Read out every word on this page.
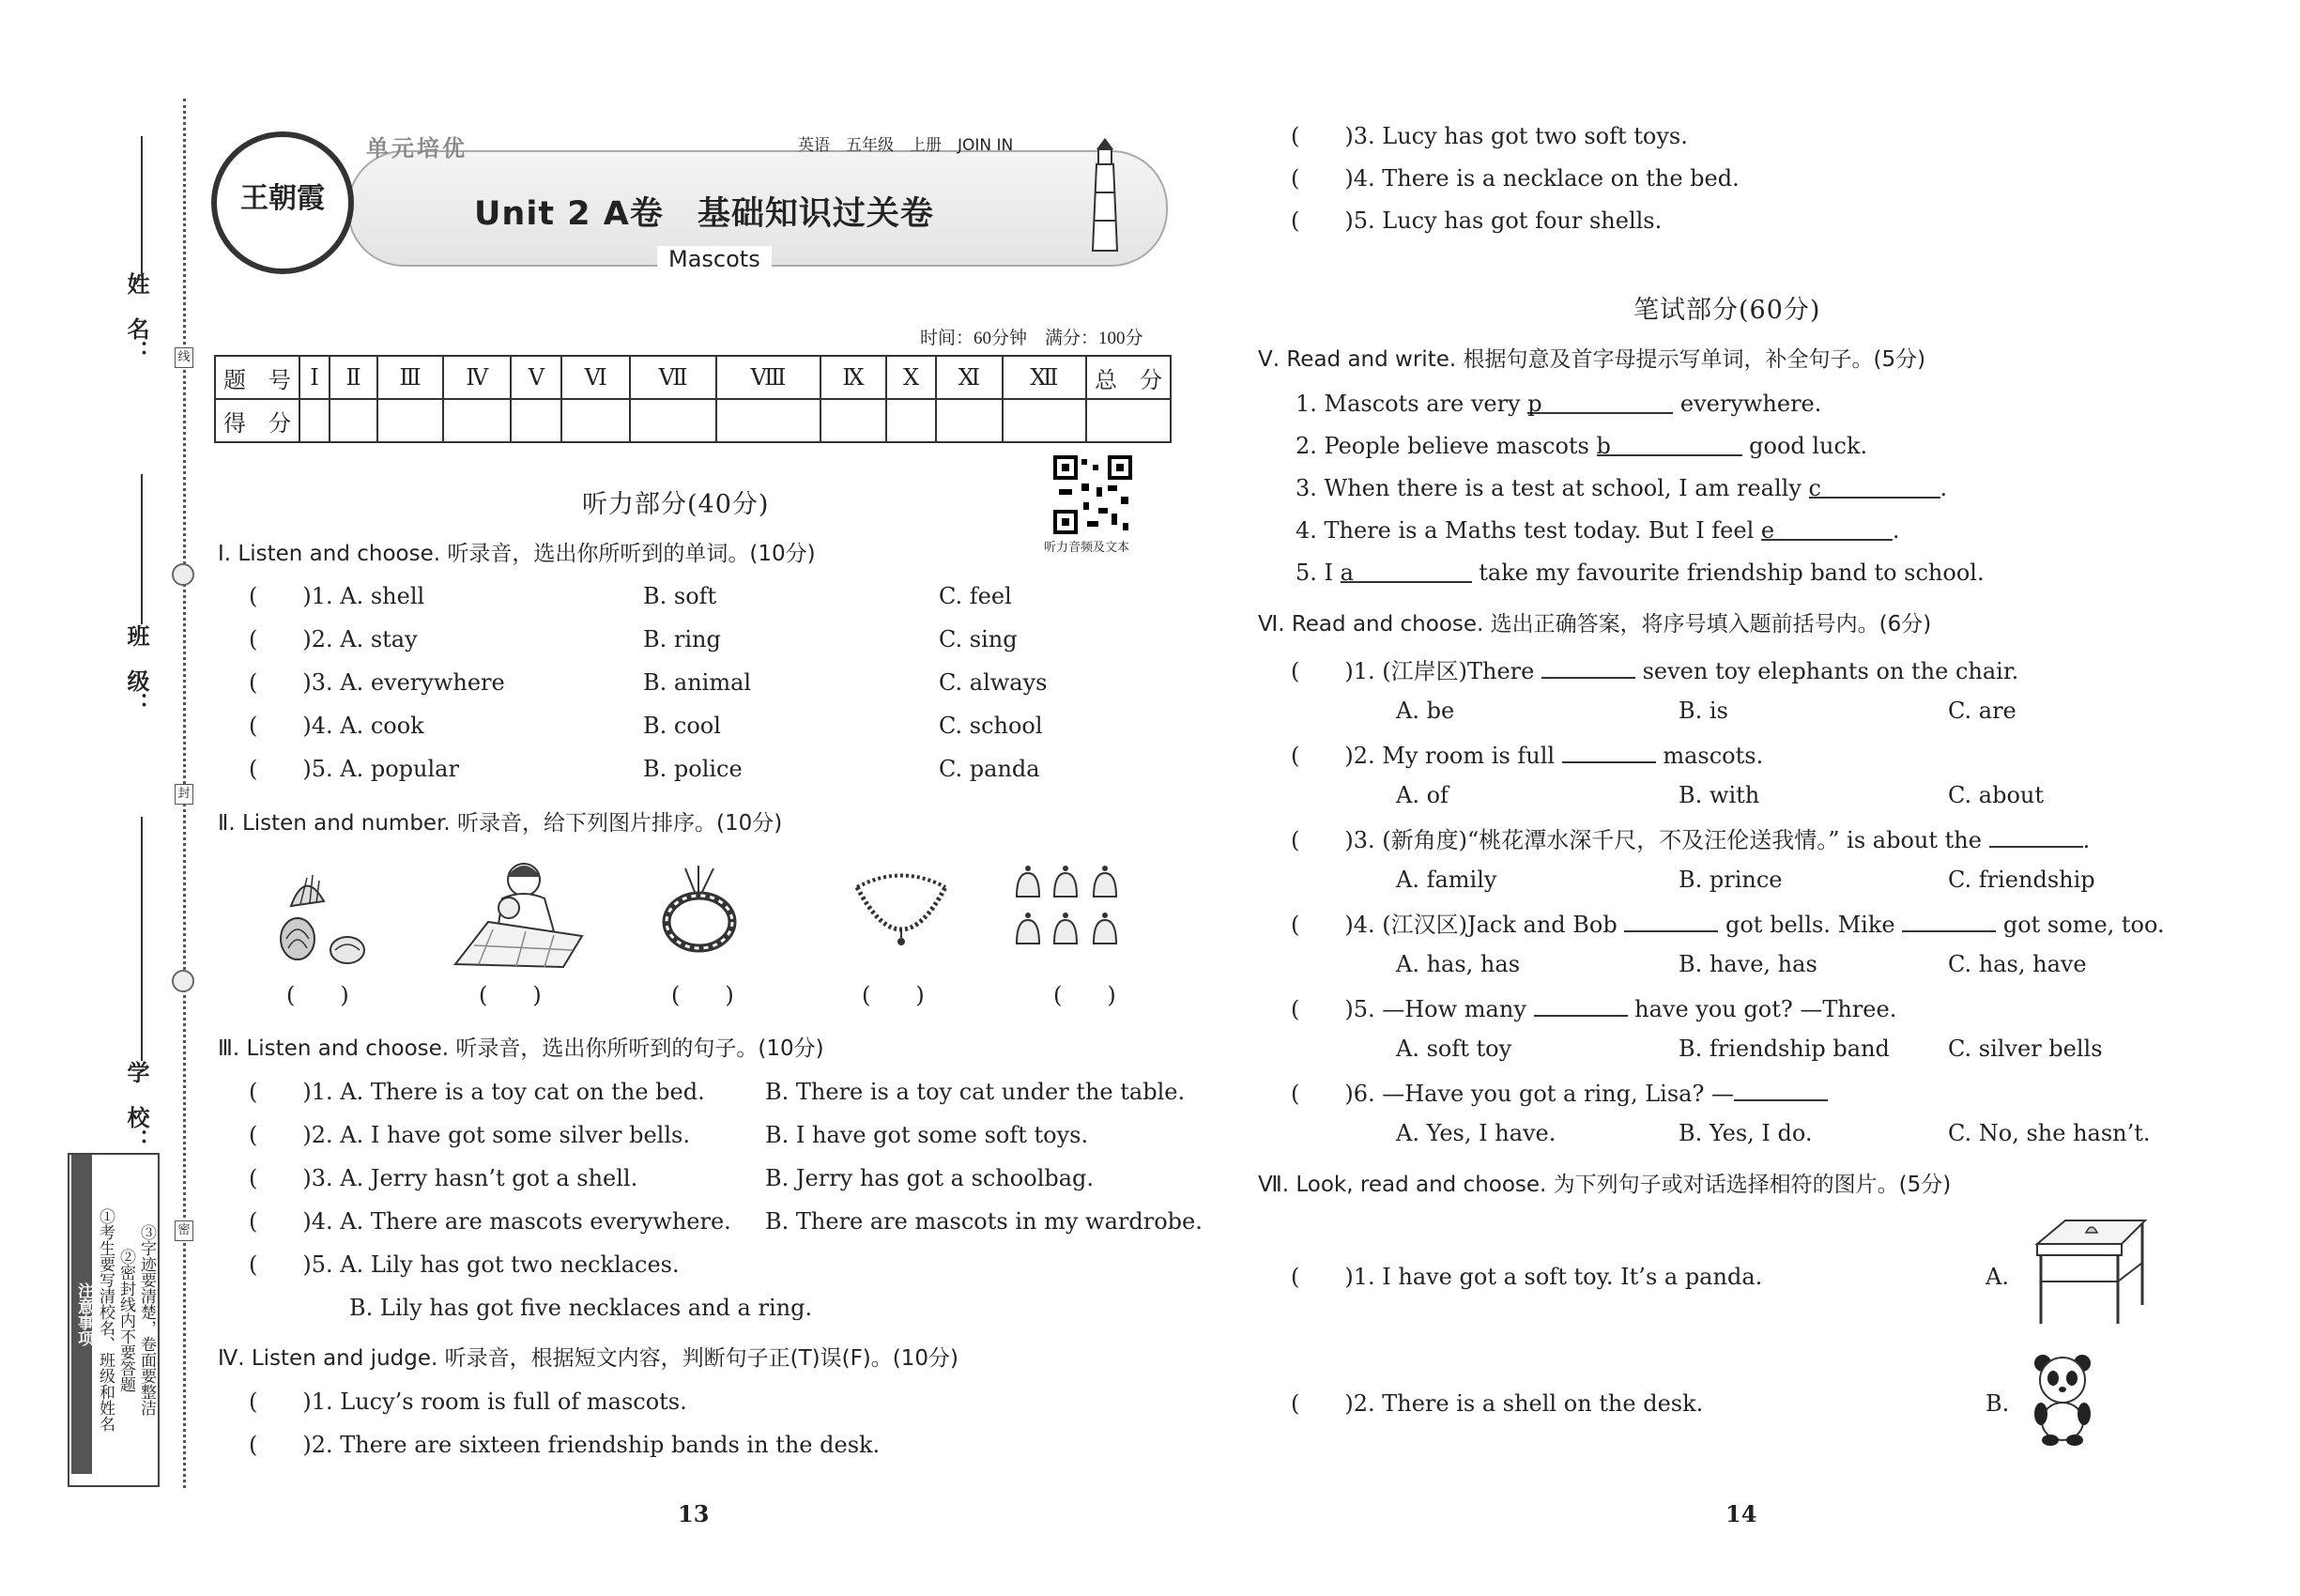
线
封
密
姓　名：
班　级：
学　校：
注意事项 ①考生要写清校名、班级和姓名 ②密封线内不要答题 ③字迹要清楚，卷面要整洁
王朝霞
单元培优	英语　五年级　上册　JOIN IN
Unit 2 A卷　基础知识过关卷
Mascots
时间：60分钟　满分：100分
题　号	Ⅰ	Ⅱ	Ⅲ	Ⅳ	Ⅴ	Ⅵ	Ⅶ	Ⅷ	Ⅸ	Ⅹ	Ⅺ	Ⅻ	总　分
得　分													
听力部分(40分)
听力音频及文本
Ⅰ. Listen and choose. 听录音，选出你所听到的单词。(10分)
(　　)1. A. shell	B. soft	C. feel
(　　)2. A. stay	B. ring	C. sing
(　　)3. A. everywhere	B. animal	C. always
(　　)4. A. cook	B. cool	C. school
(　　)5. A. popular	B. police	C. panda
Ⅱ. Listen and number. 听录音，给下列图片排序。(10分)
(　　)	(　　)	(　　)	(　　)	(　　)
Ⅲ. Listen and choose. 听录音，选出你所听到的句子。(10分)
(　　)1. A. There is a toy cat on the bed.	B. There is a toy cat under the table.
(　　)2. A. I have got some silver bells.	B. I have got some soft toys.
(　　)3. A. Jerry hasn’t got a shell.	B. Jerry has got a schoolbag.
(　　)4. A. There are mascots everywhere. B. There are mascots in my wardrobe.
(　　)5. A. Lily has got two necklaces.
B. Lily has got five necklaces and a ring.
Ⅳ. Listen and judge. 听录音，根据短文内容，判断句子正(T)误(F)。(10分)
(　　)1. Lucy’s room is full of mascots.
(　　)2. There are sixteen friendship bands in the desk.
13
(　　)3. Lucy has got two soft toys.
(　　)4. There is a necklace on the bed.
(　　)5. Lucy has got four shells.
笔试部分(60分)
Ⅴ. Read and write. 根据句意及首字母提示写单词，补全句子。(5分)
1. Mascots are very p	everywhere.
2. People believe mascots b	good luck.
3. When there is a test at school, I am really c	.
4. There is a Maths test today. But I feel e	.
5. I a	take my favourite friendship band to school.
Ⅵ. Read and choose. 选出正确答案，将序号填入题前括号内。(6分)
(　　)1. (江岸区)There	seven toy elephants on the chair.
A. be	B. is	C. are
(　　)2. My room is full	mascots.
A. of	B. with	C. about
(　　)3. (新角度)“桃花潭水深千尺，不及汪伦送我情。” is about the	.
A. family	B. prince	C. friendship
(　　)4. (江汉区)Jack and Bob	got bells. Mike	got some, too.
A. has, has	B. have, has	C. has, have
(　　)5. —How many	have you got? —Three.
A. soft toy	B. friendship band	C. silver bells
(　　)6. —Have you got a ring, Lisa? —
A. Yes, I have.	B. Yes, I do.	C. No, she hasn’t.
Ⅶ. Look, read and choose. 为下列句子或对话选择相符的图片。(5分)
(　　)1. I have got a soft toy. It’s a panda.	A.
(　　)2. There is a shell on the desk.	B.
14
